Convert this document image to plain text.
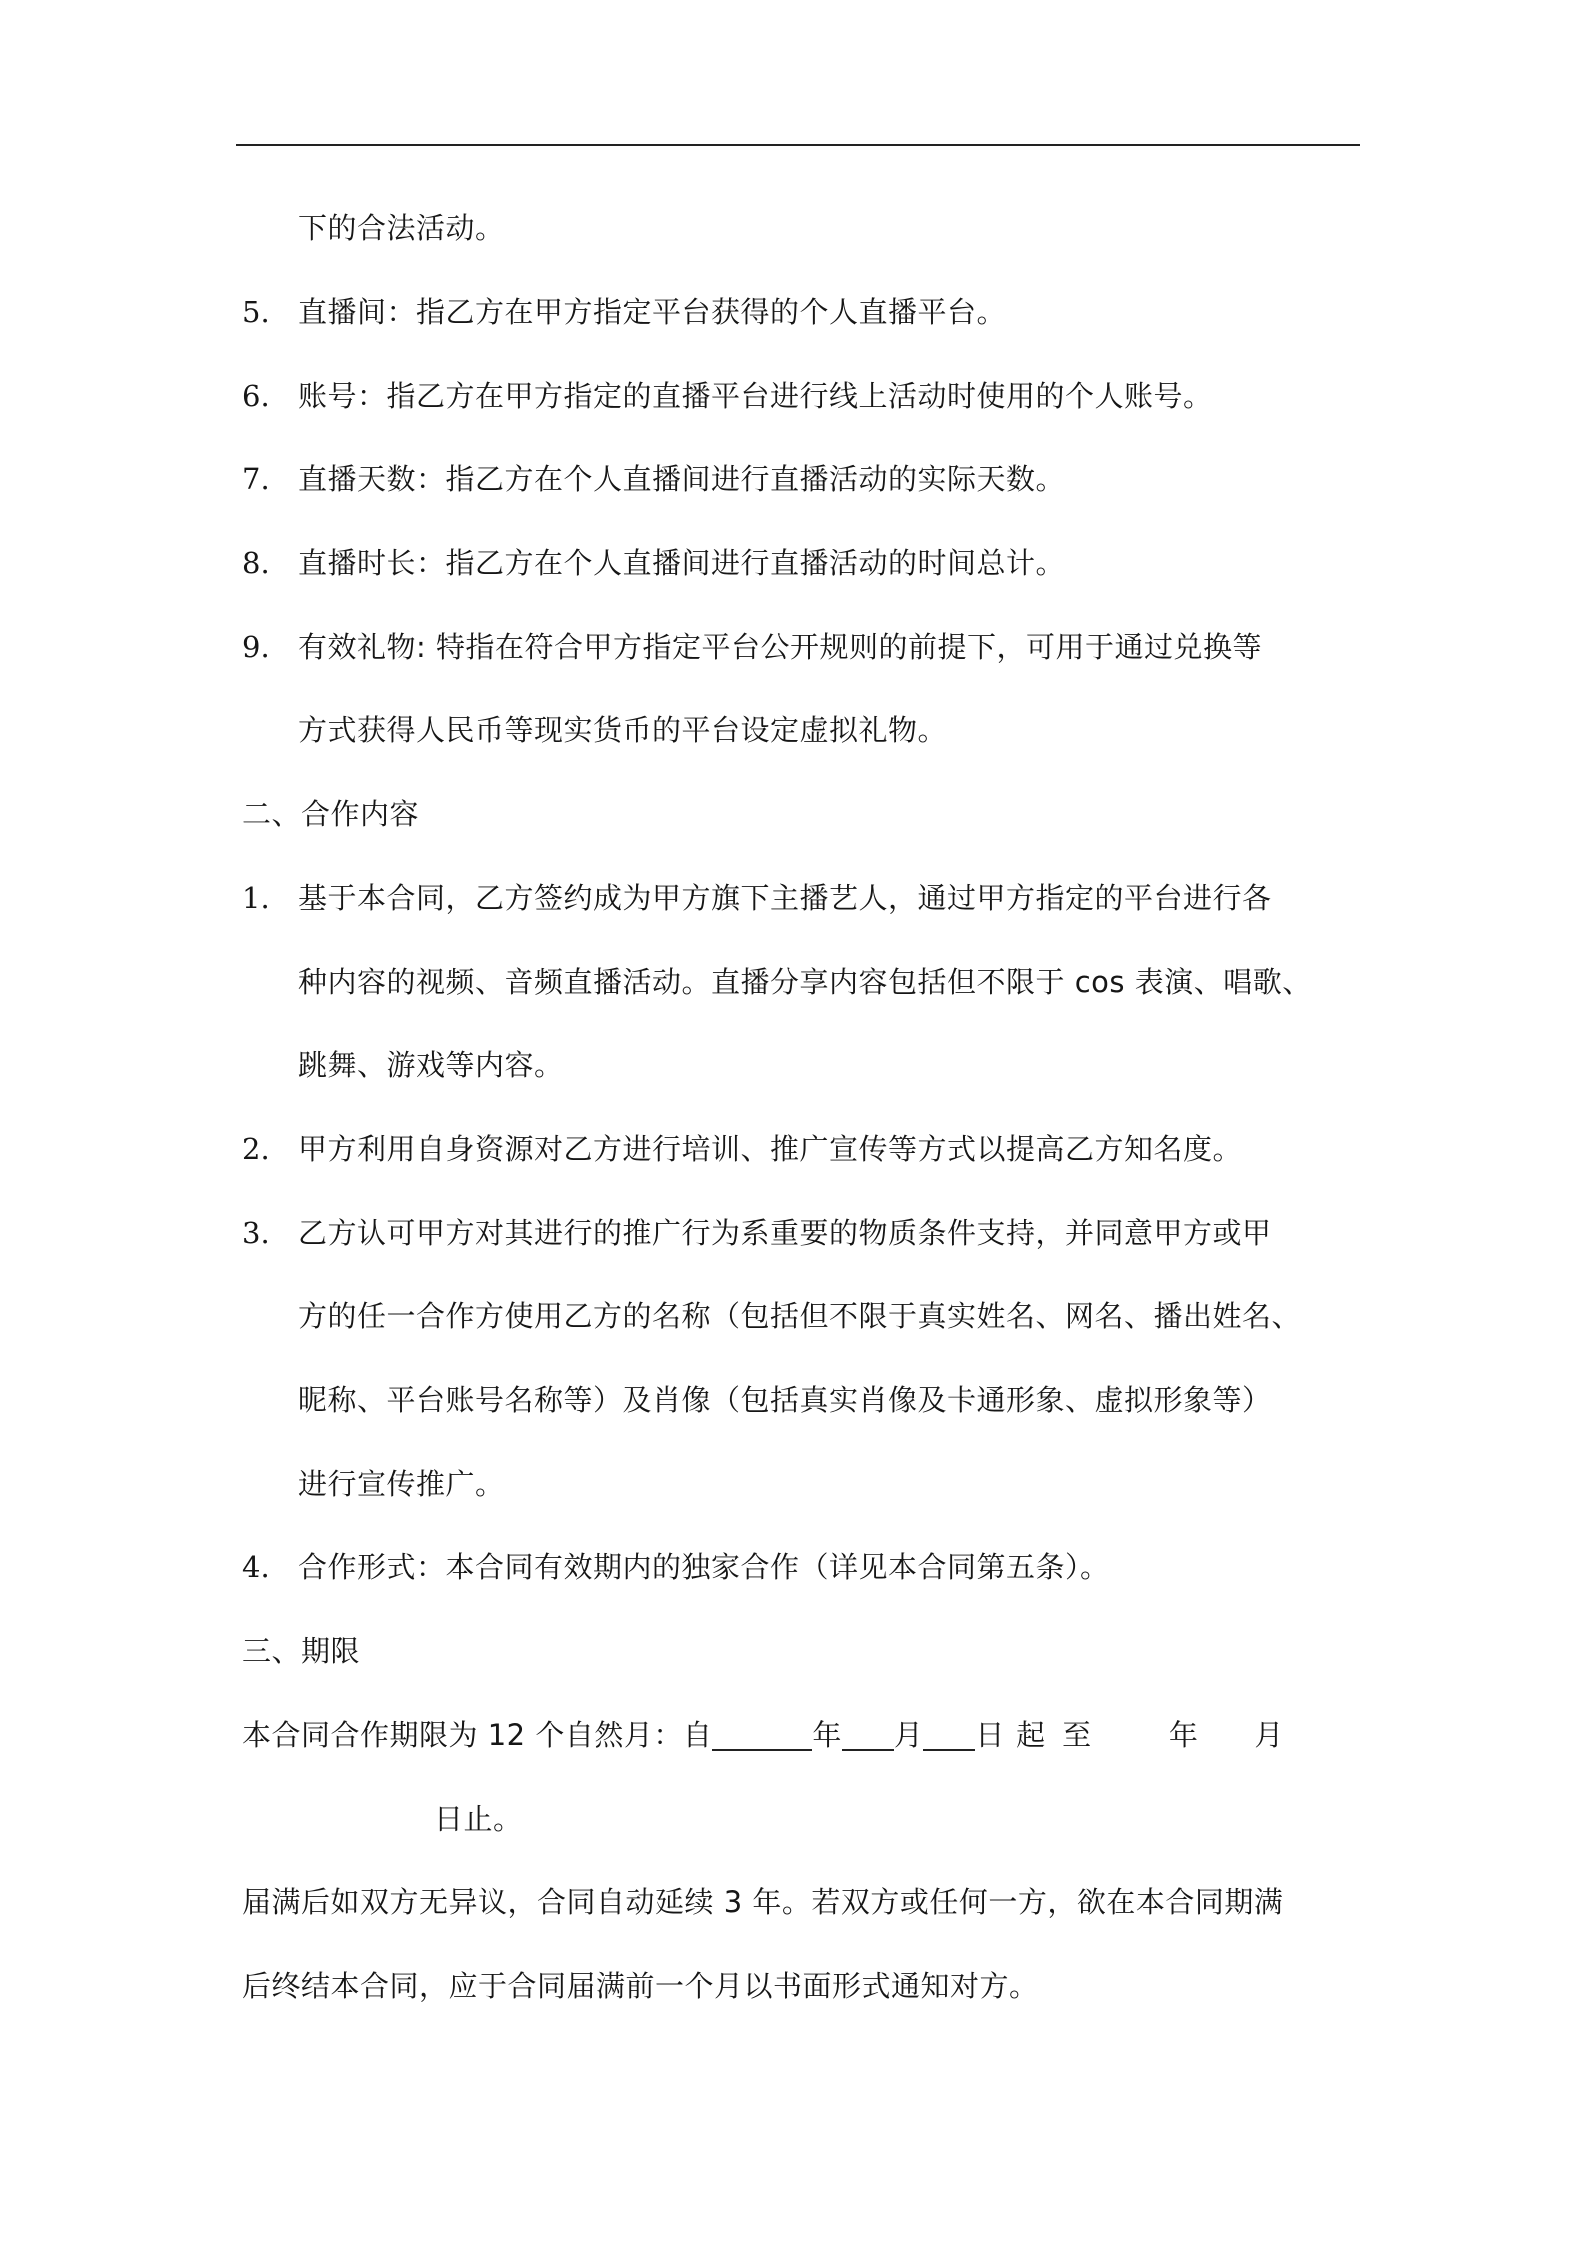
下的合法活动。
5. 直播间：指乙方在甲方指定平台获得的个人直播平台。
6. 账号：指乙方在甲方指定的直播平台进行线上活动时使用的个人账号。
7. 直播天数：指乙方在个人直播间进行直播活动的实际天数。
8. 直播时长：指乙方在个人直播间进行直播活动的时间总计。
9. 有效礼物: 特指在符合甲方指定平台公开规则的前提下，可用于通过兑换等
方式获得人民币等现实货币的平台设定虚拟礼物。
二、合作内容
1. 基于本合同，乙方签约成为甲方旗下主播艺人，通过甲方指定的平台进行各
种内容的视频、音频直播活动。直播分享内容包括但不限于 cos 表演、唱歌、
跳舞、游戏等内容。
2. 甲方利用自身资源对乙方进行培训、推广宣传等方式以提高乙方知名度。
3. 乙方认可甲方对其进行的推广行为系重要的物质条件支持，并同意甲方或甲
方的任一合作方使用乙方的名称（包括但不限于真实姓名、网名、播出姓名、
昵称、平台账号名称等）及肖像（包括真实肖像及卡通形象、虚拟形象等）
进行宣传推广。
4. 合作形式：本合同有效期内的独家合作（详见本合同第五条）。
三、期限
本合同合作期限为 12 个自然月：自	年 月 日 起 至	年 月
日止。
届满后如双方无异议，合同自动延续 3 年。若双方或任何一方，欲在本合同期满
后终结本合同，应于合同届满前一个月以书面形式通知对方。
